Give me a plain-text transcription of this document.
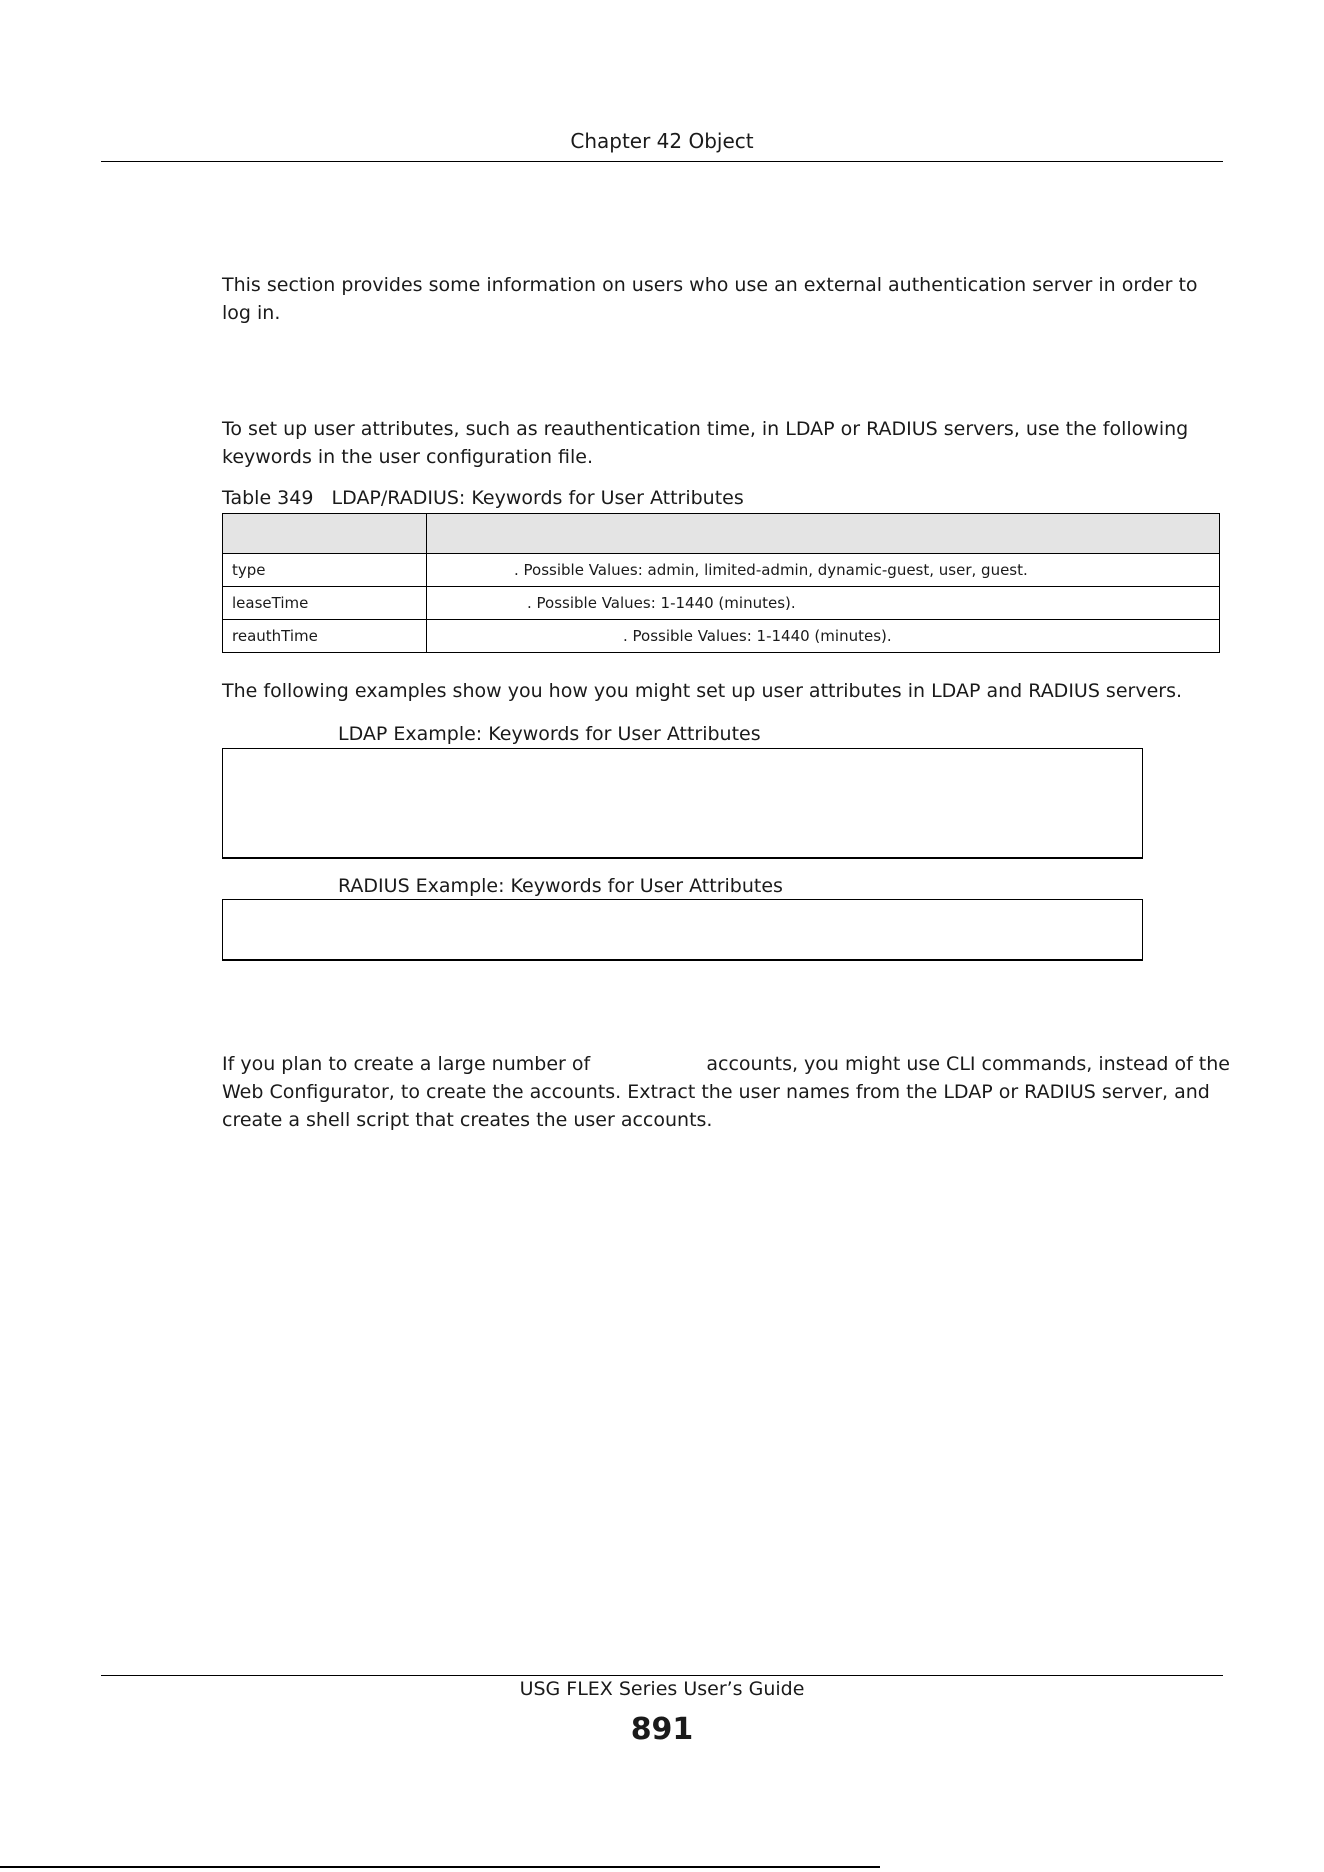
Chapter 42 Object
This section provides some information on users who use an external authentication server in order to log in.
To set up user attributes, such as reauthentication time, in LDAP or RADIUS servers, use the following keywords in the user configuration file.
Table 349   LDAP/RADIUS: Keywords for User Attributes

type	. Possible Values: admin, limited-admin, dynamic-guest, user, guest.
leaseTime	. Possible Values: 1-1440 (minutes).
reauthTime	. Possible Values: 1-1440 (minutes).
The following examples show you how you might set up user attributes in LDAP and RADIUS servers.
LDAP Example: Keywords for User Attributes
RADIUS Example: Keywords for User Attributes
If you plan to create a large number of	accounts, you might use CLI commands, instead of the
Web Configurator, to create the accounts. Extract the user names from the LDAP or RADIUS server, and
create a shell script that creates the user accounts.
USG FLEX Series User’s Guide
891
